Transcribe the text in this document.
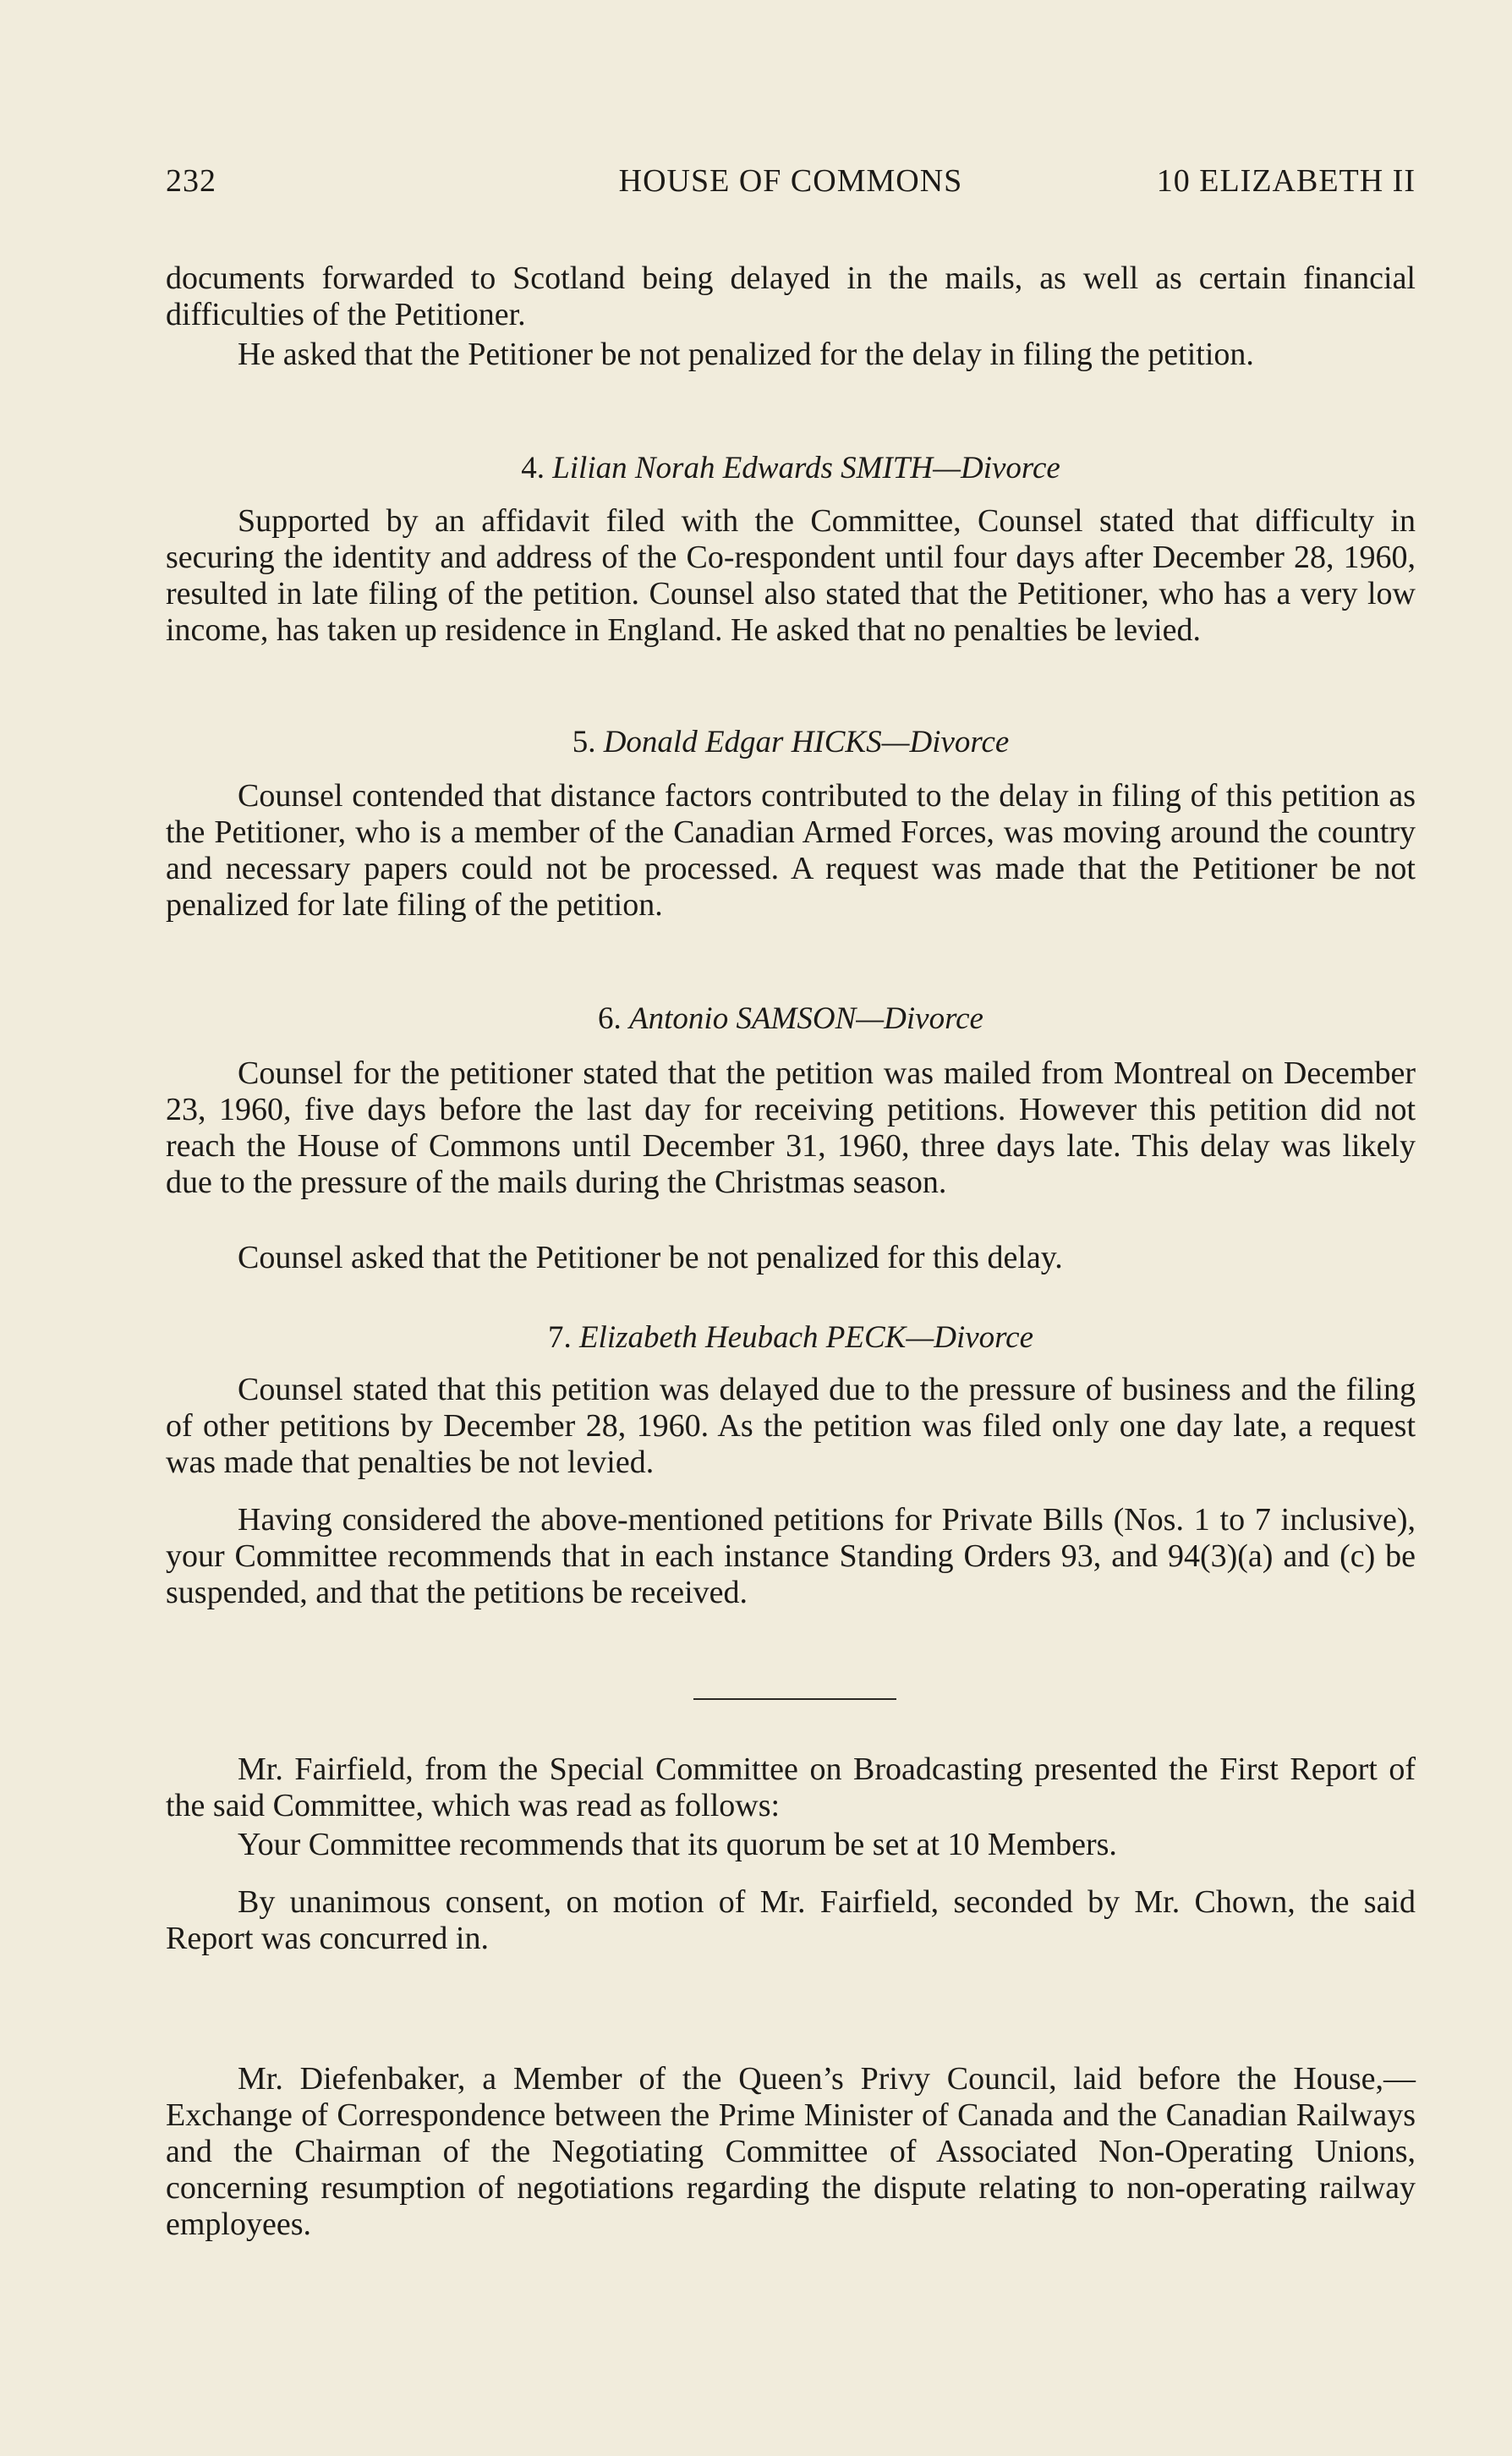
232	HOUSE OF COMMONS	10 ELIZABETH II
documents forwarded to Scotland being delayed in the mails, as well as certain financial difficulties of the Petitioner.
He asked that the Petitioner be not penalized for the delay in filing the petition.
4. Lilian Norah Edwards SMITH—Divorce
Supported by an affidavit filed with the Committee, Counsel stated that difficulty in securing the identity and address of the Co-respondent until four days after December 28, 1960, resulted in late filing of the petition. Counsel also stated that the Petitioner, who has a very low income, has taken up residence in England. He asked that no penalties be levied.
5. Donald Edgar HICKS—Divorce
Counsel contended that distance factors contributed to the delay in filing of this petition as the Petitioner, who is a member of the Canadian Armed Forces, was moving around the country and necessary papers could not be processed. A request was made that the Petitioner be not penalized for late filing of the petition.
6. Antonio SAMSON—Divorce
Counsel for the petitioner stated that the petition was mailed from Montreal on December 23, 1960, five days before the last day for receiving petitions. However this petition did not reach the House of Commons until December 31, 1960, three days late. This delay was likely due to the pressure of the mails during the Christmas season.
Counsel asked that the Petitioner be not penalized for this delay.
7. Elizabeth Heubach PECK—Divorce
Counsel stated that this petition was delayed due to the pressure of business and the filing of other petitions by December 28, 1960. As the petition was filed only one day late, a request was made that penalties be not levied.
Having considered the above-mentioned petitions for Private Bills (Nos. 1 to 7 inclusive), your Committee recommends that in each instance Standing Orders 93, and 94(3)(a) and (c) be suspended, and that the petitions be received.
Mr. Fairfield, from the Special Committee on Broadcasting presented the First Report of the said Committee, which was read as follows:
Your Committee recommends that its quorum be set at 10 Members.
By unanimous consent, on motion of Mr. Fairfield, seconded by Mr. Chown, the said Report was concurred in.
Mr. Diefenbaker, a Member of the Queen’s Privy Council, laid before the House,—Exchange of Correspondence between the Prime Minister of Canada and the Canadian Railways and the Chairman of the Negotiating Committee of Associated Non-Operating Unions, concerning resumption of negotiations regarding the dispute relating to non-operating railway employees.
